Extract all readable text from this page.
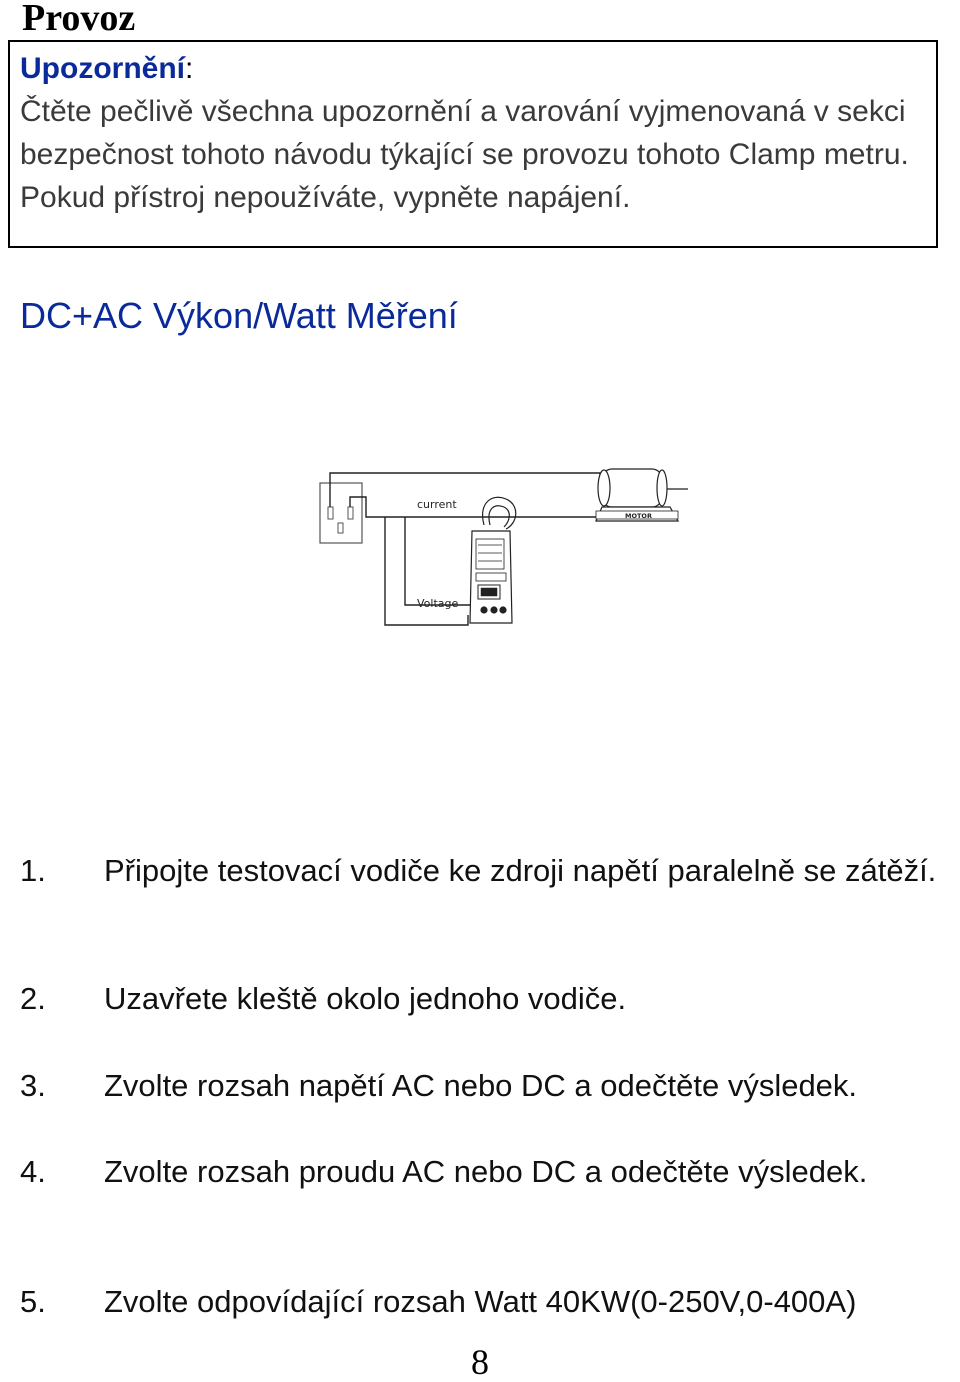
Provoz
Upozornění:
Čtěte pečlivě všechna upozornění a varování vyjmenovaná v sekci bezpečnost tohoto návodu týkající se provozu tohoto Clamp metru. Pokud přístroj nepoužíváte, vypněte napájení.
DC+AC Výkon/Watt Měření
current
Voltage
MOTOR
1. Připojte testovací vodiče ke zdroji napětí paralelně se zátěží.
2. Uzavřete kleště okolo jednoho vodiče.
3. Zvolte rozsah napětí AC nebo DC a odečtěte výsledek.
4. Zvolte rozsah proudu AC nebo DC a odečtěte výsledek.
5. Zvolte odpovídající rozsah Watt 40KW(0-250V,0-400A)
8
